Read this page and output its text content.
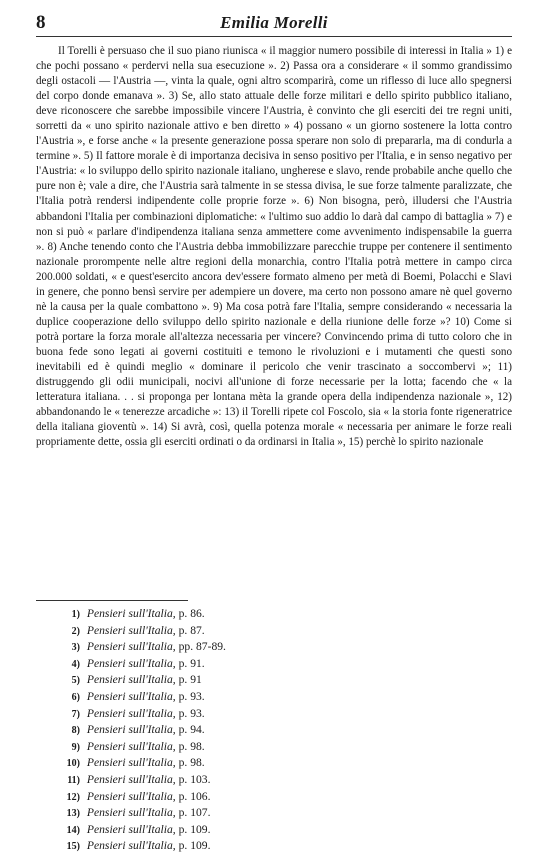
8	Emilia Morelli

Il Torelli è persuaso che il suo piano riunisca « il maggior numero possibile di interessi in Italia » 1) e che pochi possano « perdervi nella sua esecuzione ». 2) Passa ora a considerare « il sommo grandissimo degli ostacoli — l'Austria —, vinta la quale, ogni altro scomparirà, come un riflesso di luce allo spegnersi del corpo donde emanava ». 3) Se, allo stato attuale delle forze militari e dello spirito pubblico italiano, deve riconoscere che sarebbe impossibile vincere l'Austria, è convinto che gli eserciti dei tre regni uniti, sorretti da « uno spirito nazionale attivo e ben diretto » 4) possano « un giorno sostenere la lotta contro l'Austria », e forse anche « la presente generazione possa sperare non solo di prepararla, ma di condurla a termine ». 5) Il fattore morale è di importanza decisiva in senso positivo per l'Italia, e in senso negativo per l'Austria: « lo sviluppo dello spirito nazionale italiano, ungherese e slavo, rende probabile anche quello che pure non è; vale a dire, che l'Austria sarà talmente in se stessa divisa, le sue forze talmente paralizzate, che l'Italia potrà rendersi indipendente colle proprie forze ». 6) Non bisogna, però, illudersi che l'Austria abbandoni l'Italia per combinazioni diplomatiche: « l'ultimo suo addio lo darà dal campo di battaglia » 7) e non si può « parlare d'indipendenza italiana senza ammettere come avvenimento indispensabile la guerra ». 8) Anche tenendo conto che l'Austria debba immobilizzare parecchie truppe per contenere il sentimento nazionale prorompente nelle altre regioni della monarchia, contro l'Italia potrà mettere in campo circa 200.000 soldati, « e quest'esercito ancora dev'essere formato almeno per metà di Boemi, Polacchi e Slavi in genere, che ponno bensì servire per adempiere un dovere, ma certo non possono amare nè quel governo nè la causa per la quale combattono ». 9) Ma cosa potrà fare l'Italia, sempre considerando « necessaria la duplice cooperazione dello sviluppo dello spirito nazionale e della riunione delle forze »? 10) Come si potrà portare la forza morale all'altezza necessaria per vincere? Convincendo prima di tutto coloro che in buona fede sono legati ai governi costituiti e temono le rivoluzioni e i mutamenti che questi sono inevitabili ed è quindi meglio « dominare il pericolo che venir trascinato a soccombervi »; 11) distruggendo gli odii municipali, nocivi all'unione di forze necessarie per la lotta; facendo che « la letteratura italiana. . . si proponga per lontana mèta la grande opera della indipendenza nazionale », 12) abbandonando le « tenerezze arcadiche »: 13) il Torelli ripete col Foscolo, sia « la storia fonte rigeneratrice della italiana gioventù ». 14) Si avrà, così, quella potenza morale « necessaria per animare le forze reali propriamente dette, ossia gli eserciti ordinati o da ordinarsi in Italia », 15) perchè lo spirito nazionale

1) Pensieri sull'Italia, p. 86.
2) Pensieri sull'Italia, p. 87.
3) Pensieri sull'Italia, pp. 87-89.
4) Pensieri sull'Italia, p. 91.
5) Pensieri sull'Italia, p. 91
6) Pensieri sull'Italia, p. 93.
7) Pensieri sull'Italia, p. 93.
8) Pensieri sull'Italia, p. 94.
9) Pensieri sull'Italia, p. 98.
10) Pensieri sull'Italia, p. 98.
11) Pensieri sull'Italia, p. 103.
12) Pensieri sull'Italia, p. 106.
13) Pensieri sull'Italia, p. 107.
14) Pensieri sull'Italia, p. 109.
15) Pensieri sull'Italia, p. 109.
